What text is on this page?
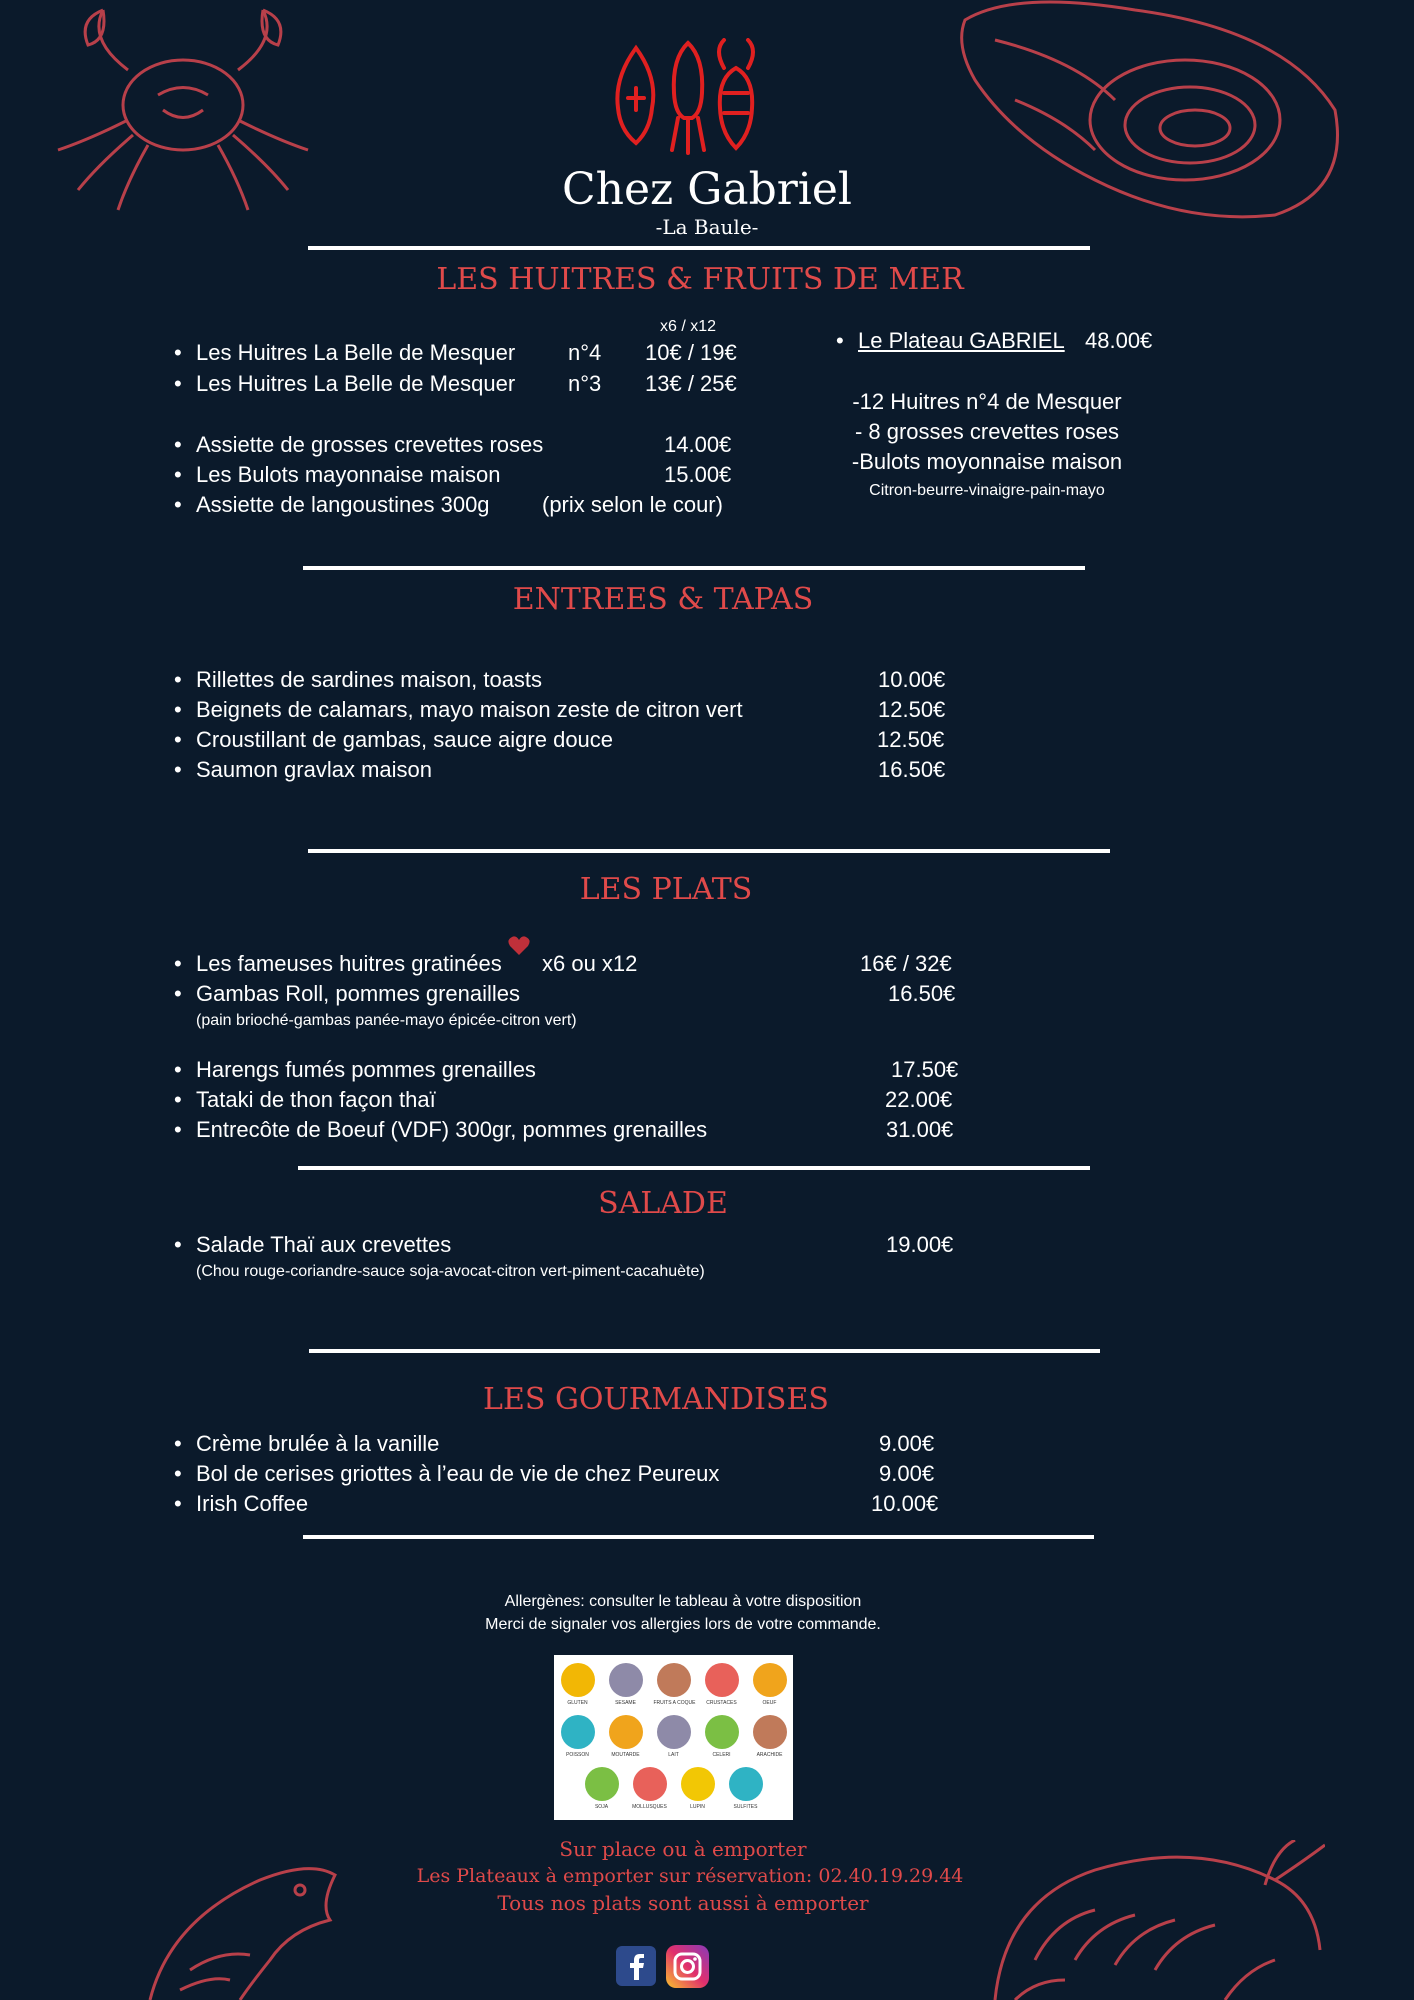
Chez Gabriel
-La Baule-
LES HUITRES & FRUITS DE MER
x6 / x12
• Les Huitres La Belle de Mesquer n°4 10€ / 19€
• Les Huitres La Belle de Mesquer n°3 13€ / 25€
• Assiette de grosses crevettes roses	14.00€
• Les Bulots mayonnaise maison	15.00€
• Assiette de langoustines 300g (prix selon le cour)
• Le Plateau GABRIEL 48.00€
-12 Huitres n°4 de Mesquer
- 8 grosses crevettes roses
-Bulots moyonnaise maison
Citron-beurre-vinaigre-pain-mayo
ENTREES & TAPAS
• Rillettes de sardines maison, toasts	10.00€
• Beignets de calamars, mayo maison zeste de citron vert	12.50€
• Croustillant de gambas, sauce aigre douce	12.50€
• Saumon gravlax maison	16.50€
LES PLATS
• Les fameuses huitres gratinées x6 ou x12	16€ / 32€
• Gambas Roll, pommes grenailles	16.50€
(pain brioché-gambas panée-mayo épicée-citron vert)
• Harengs fumés pommes grenailles	17.50€
• Tataki de thon façon thaï	22.00€
• Entrecôte de Boeuf (VDF) 300gr, pommes grenailles	31.00€
SALADE
• Salade Thaï aux crevettes	19.00€
(Chou rouge-coriandre-sauce soja-avocat-citron vert-piment-cacahuète)
LES GOURMANDISES
• Crème brulée à la vanille	9.00€
• Bol de cerises griottes à l’eau de vie de chez Peureux	9.00€
• Irish Coffee	10.00€
Allergènes: consulter le tableau à votre disposition
Merci de signaler vos allergies lors de votre commande.
GLUTEN	SESAME	FRUITS A COQUE	CRUSTACES	OEUF
POISSON	MOUTARDE	LAIT	CELERI	ARACHIDE
SOJA	MOLLUSQUES	LUPIN	SULFITES
Sur place ou à emporter
Les Plateaux à emporter sur réservation: 02.40.19.29.44
Tous nos plats sont aussi à emporter
